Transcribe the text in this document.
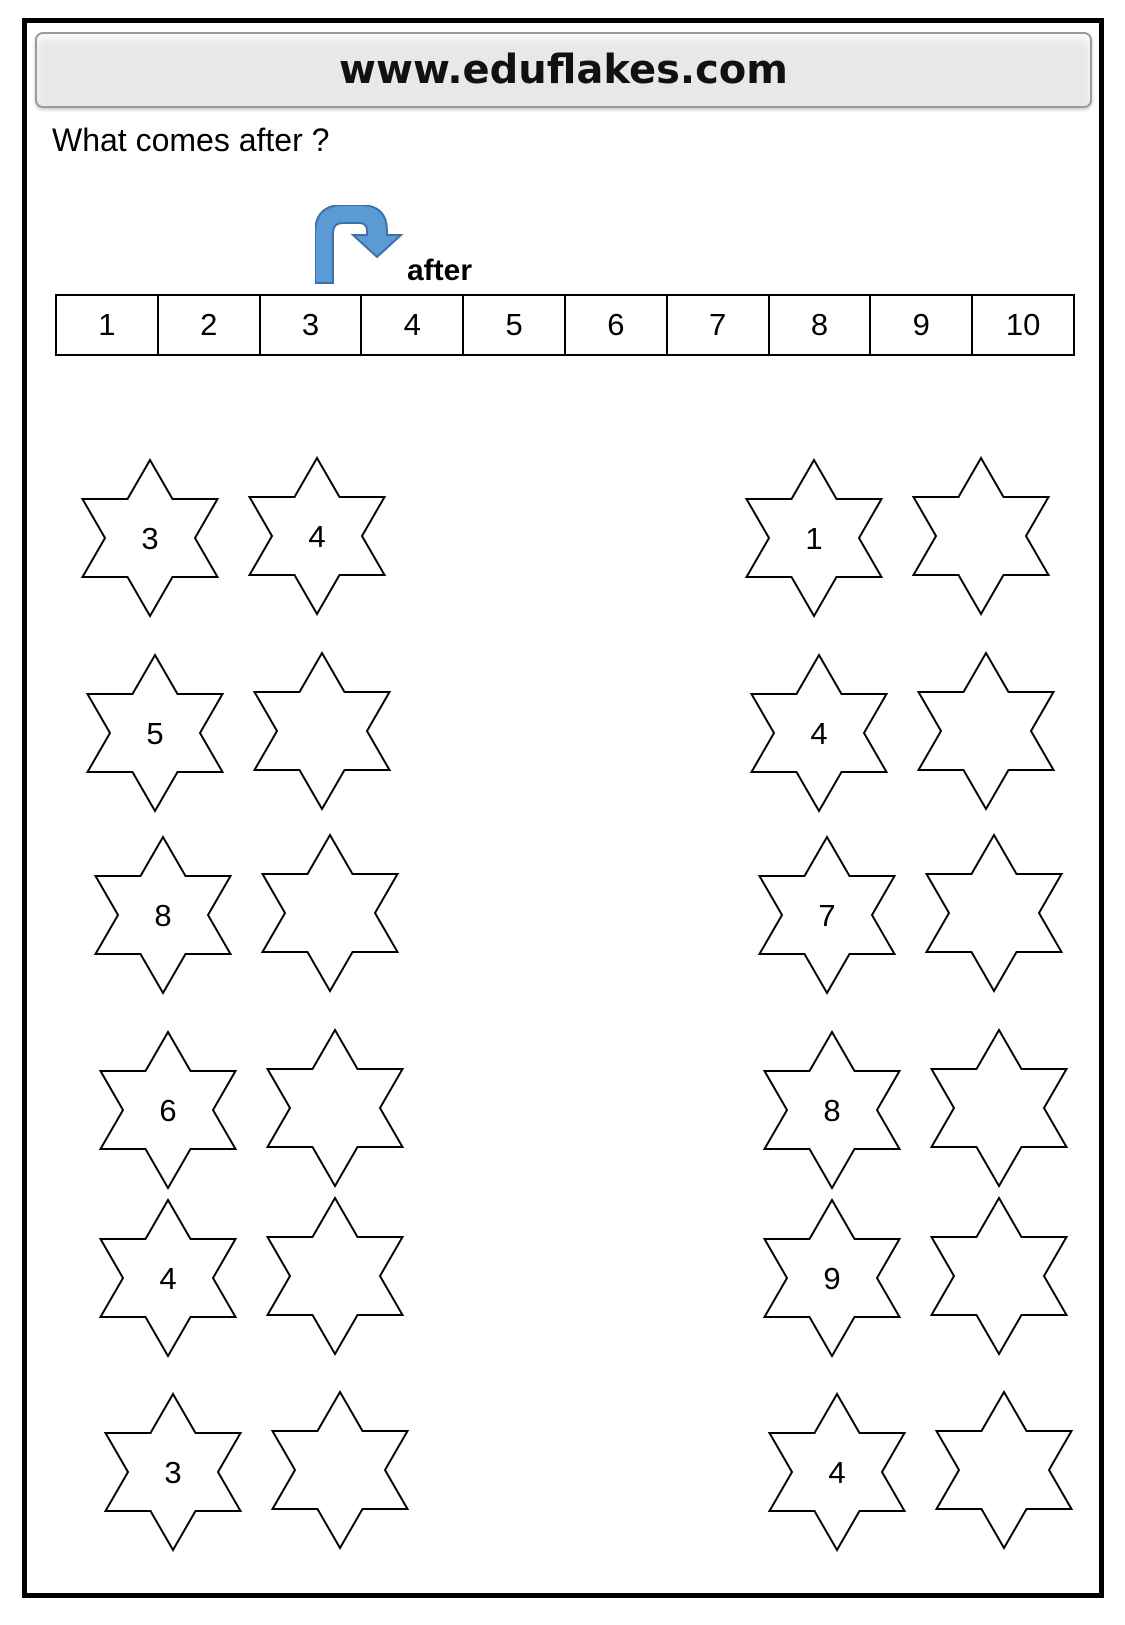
www.eduflakes.com
What comes after ?
after
1	2	3	4	5	6	7	8	9	10
3	4	1
5	4
8	7
6	8
4	9
3	4
